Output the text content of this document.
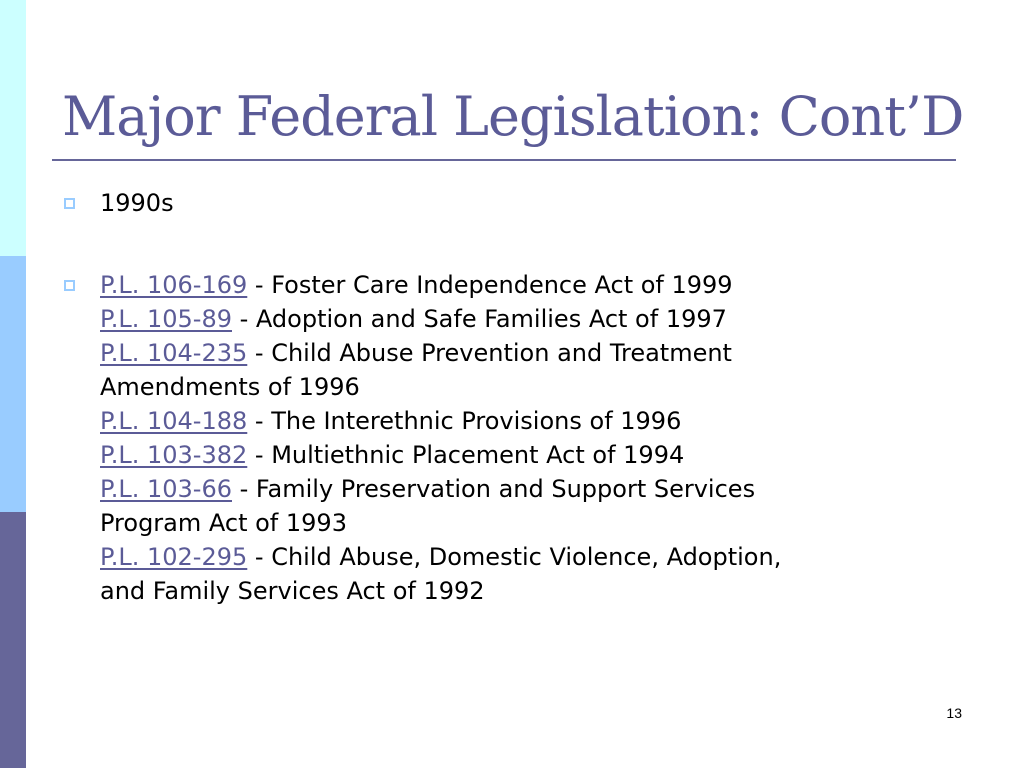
Major Federal Legislation: Cont’D
1990s
P.L. 106-169 - Foster Care Independence Act of 1999
P.L. 105-89 - Adoption and Safe Families Act of 1997
P.L. 104-235 - Child Abuse Prevention and Treatment
Amendments of 1996
P.L. 104-188 - The Interethnic Provisions of 1996
P.L. 103-382 - Multiethnic Placement Act of 1994
P.L. 103-66 - Family Preservation and Support Services
Program Act of 1993
P.L. 102-295 - Child Abuse, Domestic Violence, Adoption,
and Family Services Act of 1992
13
